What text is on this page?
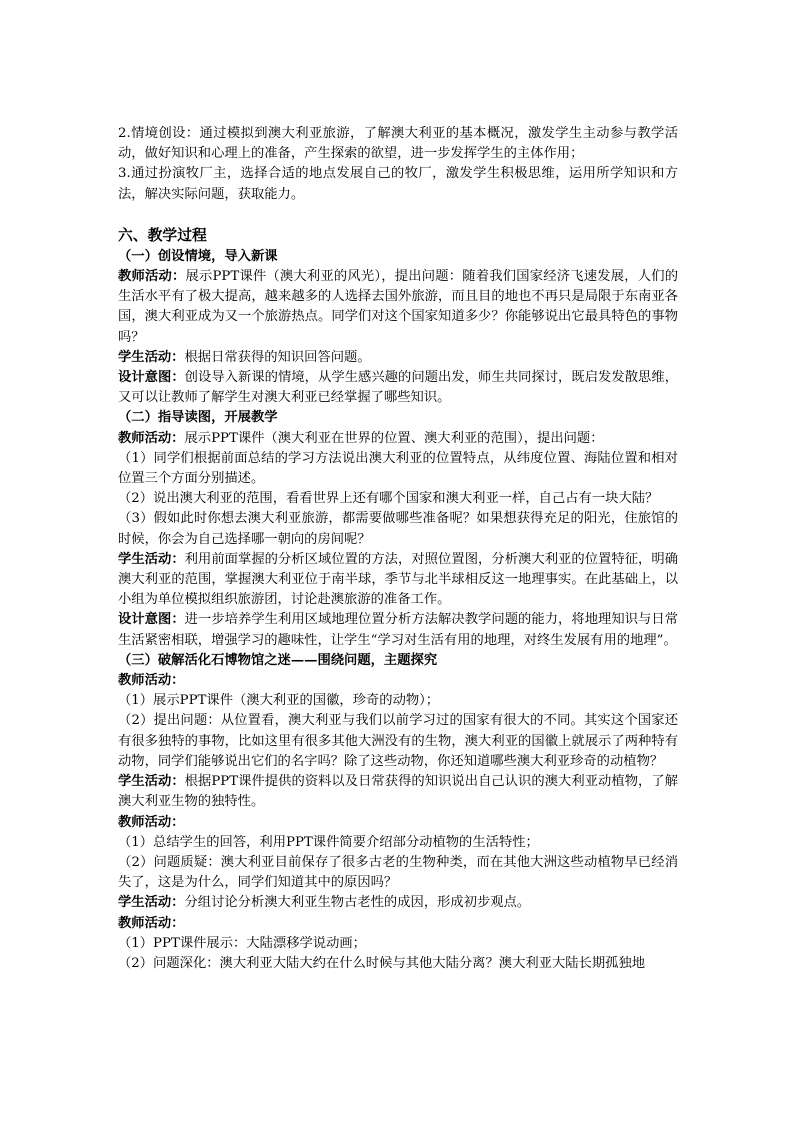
2.情境创设：通过模拟到澳大利亚旅游，了解澳大利亚的基本概况，激发学生主动参与教学活动，做好知识和心理上的准备，产生探索的欲望，进一步发挥学生的主体作用；

3.通过扮演牧厂主，选择合适的地点发展自己的牧厂，激发学生积极思维，运用所学知识和方法，解决实际问题，获取能力。

六、教学过程

（一）创设情境，导入新课

教师活动：展示PPT课件（澳大利亚的风光），提出问题：随着我们国家经济飞速发展，人们的生活水平有了极大提高，越来越多的人选择去国外旅游，而且目的地也不再只是局限于东南亚各国，澳大利亚成为又一个旅游热点。同学们对这个国家知道多少？你能够说出它最具特色的事物吗？

学生活动：根据日常获得的知识回答问题。

设计意图：创设导入新课的情境，从学生感兴趣的问题出发，师生共同探讨，既启发发散思维，又可以让教师了解学生对澳大利亚已经掌握了哪些知识。

（二）指导读图，开展教学

教师活动：展示PPT课件（澳大利亚在世界的位置、澳大利亚的范围），提出问题：

（1）同学们根据前面总结的学习方法说出澳大利亚的位置特点，从纬度位置、海陆位置和相对位置三个方面分别描述。

（2）说出澳大利亚的范围，看看世界上还有哪个国家和澳大利亚一样，自己占有一块大陆？

（3）假如此时你想去澳大利亚旅游，都需要做哪些准备呢？如果想获得充足的阳光，住旅馆的时候，你会为自己选择哪一朝向的房间呢？

学生活动：利用前面掌握的分析区域位置的方法，对照位置图，分析澳大利亚的位置特征，明确澳大利亚的范围，掌握澳大利亚位于南半球，季节与北半球相反这一地理事实。在此基础上，以小组为单位模拟组织旅游团，讨论赴澳旅游的准备工作。

设计意图：进一步培养学生利用区域地理位置分析方法解决教学问题的能力，将地理知识与日常生活紧密相联，增强学习的趣味性，让学生“学习对生活有用的地理，对终生发展有用的地理”。

（三）破解活化石博物馆之迷——围绕问题，主题探究

教师活动：

（1）展示PPT课件（澳大利亚的国徽，珍奇的动物）；

（2）提出问题：从位置看，澳大利亚与我们以前学习过的国家有很大的不同。其实这个国家还有很多独特的事物，比如这里有很多其他大洲没有的生物，澳大利亚的国徽上就展示了两种特有动物，同学们能够说出它们的名字吗？除了这些动物，你还知道哪些澳大利亚珍奇的动植物？

学生活动：根据PPT课件提供的资料以及日常获得的知识说出自己认识的澳大利亚动植物，了解澳大利亚生物的独特性。

教师活动：

（1）总结学生的回答，利用PPT课件简要介绍部分动植物的生活特性；

（2）问题质疑：澳大利亚目前保存了很多古老的生物种类，而在其他大洲这些动植物早已经消失了，这是为什么，同学们知道其中的原因吗？

学生活动：分组讨论分析澳大利亚生物古老性的成因，形成初步观点。

教师活动：

（1）PPT课件展示：大陆漂移学说动画；

（2）问题深化：澳大利亚大陆大约在什么时候与其他大陆分离？澳大利亚大陆长期孤独地
